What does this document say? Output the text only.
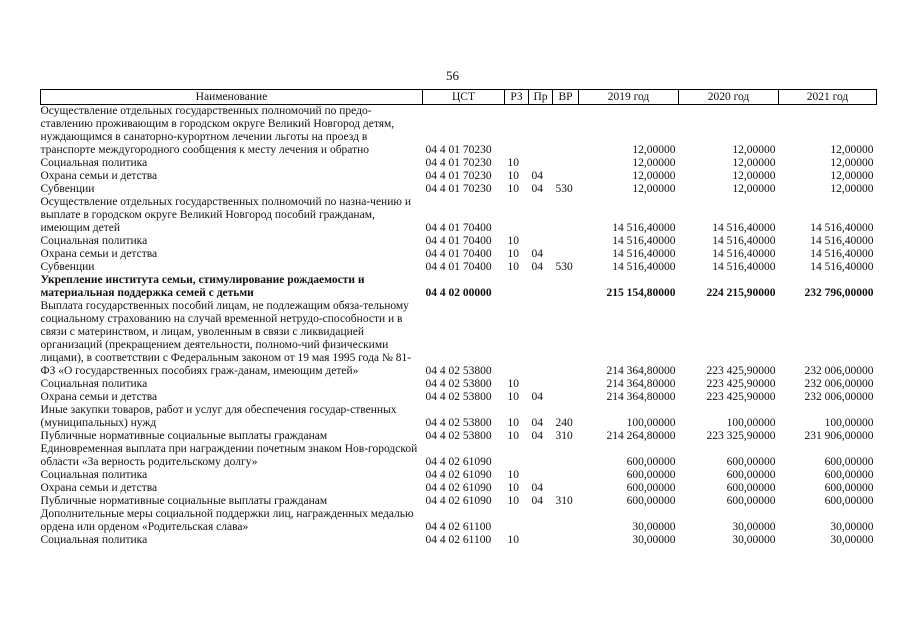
56
Наименование	ЦСТ	РЗ	Пр	ВР	2019 год	2020 год	2021 год
Осуществление отдельных государственных полномочий по предо-ставлению проживающим в городском округе Великий Новгород детям, нуждающимся в санаторно-курортном лечении льготы на проезд в транспорте междугородного сообщения к месту лечения и обратно	04 4 01 70230				12,00000	12,00000	12,00000
Социальная политика	04 4 01 70230	10			12,00000	12,00000	12,00000
Охрана семьи и детства	04 4 01 70230	10	04		12,00000	12,00000	12,00000
Субвенции	04 4 01 70230	10	04	530	12,00000	12,00000	12,00000
Осуществление отдельных государственных полномочий по назна-чению и выплате в городском округе Великий Новгород пособий гражданам, имеющим детей	04 4 01 70400				14 516,40000	14 516,40000	14 516,40000
Социальная политика	04 4 01 70400	10			14 516,40000	14 516,40000	14 516,40000
Охрана семьи и детства	04 4 01 70400	10	04		14 516,40000	14 516,40000	14 516,40000
Субвенции	04 4 01 70400	10	04	530	14 516,40000	14 516,40000	14 516,40000
Укрепление института семьи, стимулирование рождаемости и материальная поддержка семей с детьми	04 4 02 00000				215 154,80000	224 215,90000	232 796,00000
Выплата государственных пособий лицам, не подлежащим обяза-тельному социальному страхованию на случай временной нетрудо-способности и в связи с материнством, и лицам, уволенным в связи с ликвидацией организаций (прекращением деятельности, полномо-чий физическими лицами), в соответствии с Федеральным законом от 19 мая 1995 года № 81-ФЗ «О государственных пособиях граж-данам, имеющим детей»	04 4 02 53800				214 364,80000	223 425,90000	232 006,00000
Социальная политика	04 4 02 53800	10			214 364,80000	223 425,90000	232 006,00000
Охрана семьи и детства	04 4 02 53800	10	04		214 364,80000	223 425,90000	232 006,00000
Иные закупки товаров, работ и услуг для обеспечения государ-ственных (муниципальных) нужд	04 4 02 53800	10	04	240	100,00000	100,00000	100,00000
Публичные нормативные социальные выплаты гражданам	04 4 02 53800	10	04	310	214 264,80000	223 325,90000	231 906,00000
Единовременная выплата при награждении почетным знаком Нов-городской области «За верность родительскому долгу»	04 4 02 61090				600,00000	600,00000	600,00000
Социальная политика	04 4 02 61090	10			600,00000	600,00000	600,00000
Охрана семьи и детства	04 4 02 61090	10	04		600,00000	600,00000	600,00000
Публичные нормативные социальные выплаты гражданам	04 4 02 61090	10	04	310	600,00000	600,00000	600,00000
Дополнительные меры социальной поддержки лиц, награжденных медалью ордена или орденом «Родительская слава»	04 4 02 61100				30,00000	30,00000	30,00000
Социальная политика	04 4 02 61100	10			30,00000	30,00000	30,00000
